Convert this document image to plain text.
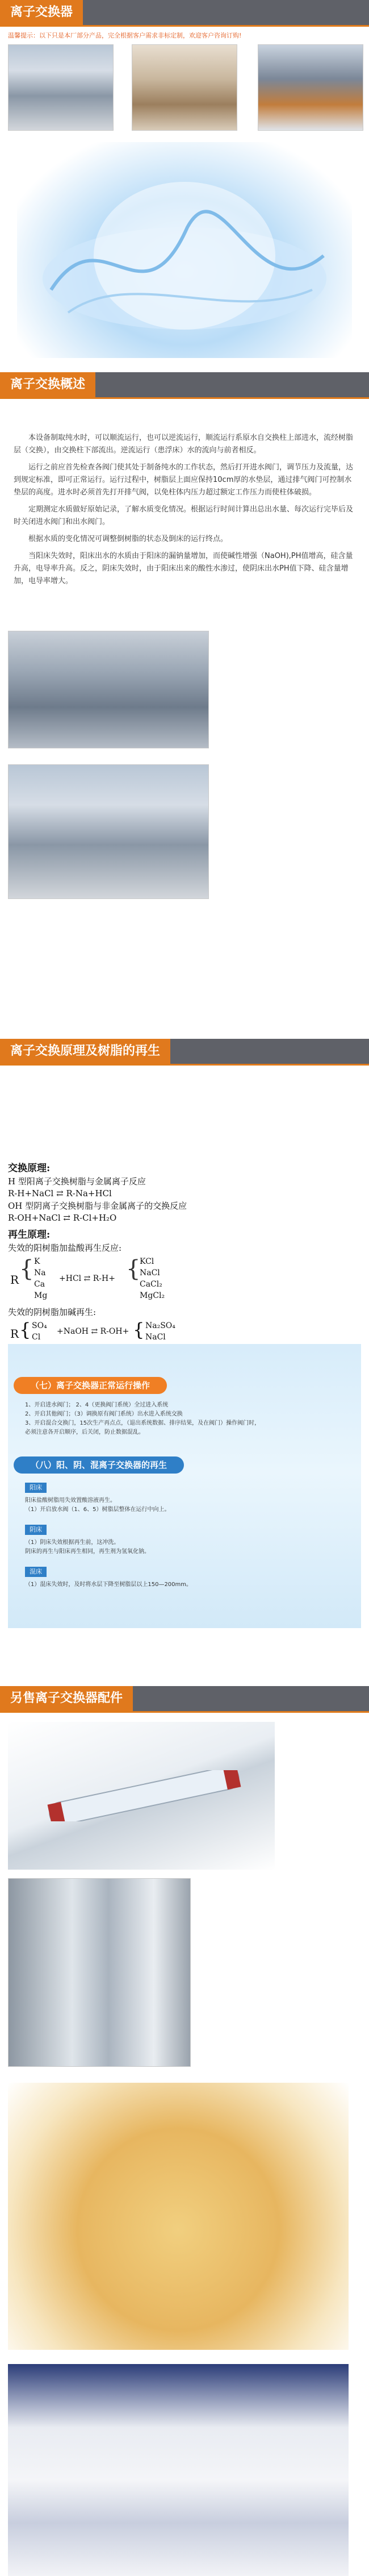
离子交换器
温馨提示：以下只是本厂部分产品，完全根据客户需求非标定制，欢迎客户咨询订购!
离子交换概述

本设备制取纯水时，可以顺流运行，也可以逆流运行，顺流运行系原水自交换柱上部进水，流经树脂层（交换），由交换柱下部流出。逆流运行（患浮床）水的流向与前者相反。

运行之前应首先检查各阀门使其处于制备纯水的工作状态，然后打开进水阀门，调节压力及流量，达到规定标准，即可正常运行。运行过程中，树脂层上面应保持10cm厚的水垫层，通过排气阀门可控制水垫层的高度。进水时必须首先打开排气阀，以免柱体内压力超过额定工作压力而使柱体破损。

定期测定水质做好原始记录，了解水质变化情况。根据运行时间计算出总出水量、每次运行完毕后及时关闭进水阀门和出水阀门。

根据水质的变化情况可调整倒树脂的状态及倒床的运行终点。

当阳床失效时，阳床出水的水质由于阳床的漏钠量增加，而使碱性增强（NaOH),PH值增高，硅含量升高，电导率升高。反之，阴床失效时，由于阳床出来的酸性水渗过，使阴床出水PH值下降、硅含量增加，电导率增大。

离子交换原理及树脂的再生
交换原理:
H 型阳离子交换树脂与金属离子反应
R-H+NaCl ⇄ R-Na+HCl
OH 型阴离子交换树脂与非金属离子的交换反应
R-OH+NaCl ⇄ R-Cl+H₂O
再生原理:
失效的阳树脂加盐酸再生反应:
R { K
Na
Ca
Mg
+HCl ⇄ R-H+ {
KCl
NaCl
CaCl₂
MgCl₂
失效的阴树脂加碱再生:
R { SO₄
Cl
+NaOH ⇄ R-OH+ { Na₂SO₄
NaCl
（七）离子交换器正常运行操作
1、开启进水阀门； 2、4（更换阀门系统）全过进入系统
2、开启其他阀门；（3）调换原有阀门系统）出水进入系统交换
3、开启混合交换门，15次生产再点点，（退出系统数据、排序结果，及在阀门）操作阀门时，
必须注意各开启顺序，后关闭，防止数据混乱。
（八）阳、阴、混离子交换器的再生
阳床
阳床盐酸树脂用失效置酸溶液再生。
（1）开启放水阀（1、6、5）树脂层整体在运行中向上。
阴床
（1）阴床失效根据再生前，这冲洗。
阴床的再生与阳床再生相同，再生剂为氢氧化钠。
混床
（1）混床失效时，及时将水层下降至树脂层以上150—200mm。
另售离子交换器配件
